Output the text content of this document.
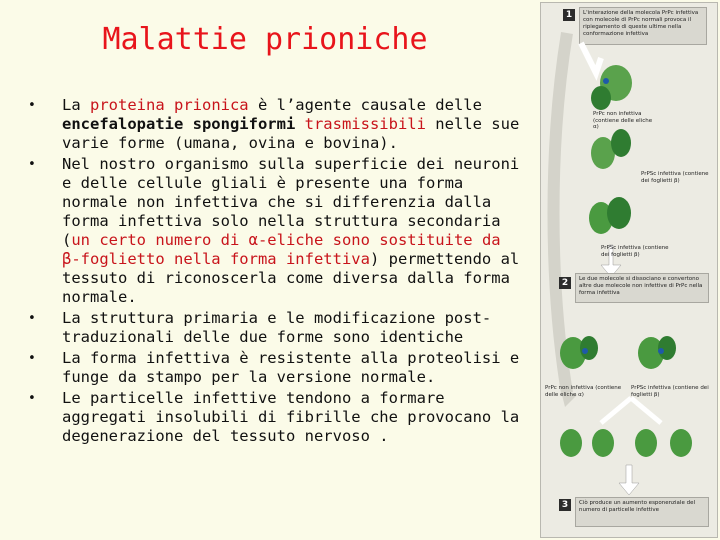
Malattie prioniche
• La proteina prionica è l’agente causale delle encefalopatie spongiformi trasmissibili nelle sue varie forme (umana, ovina e bovina).
• Nel nostro organismo sulla superficie dei neuroni e delle cellule gliali è presente una forma normale non infettiva che si differenzia dalla forma infettiva solo nella struttura secondaria (un certo numero di α-eliche sono sostituite da β-foglietto nella forma infettiva) permettendo al tessuto di riconoscerla come diversa dalla forma normale.
• La struttura primaria e le modificazione post-traduzionali delle due forme sono identiche
• La forma infettiva è resistente alla proteolisi e funge da stampo per la versione normale.
• Le particelle infettive tendono a formare aggregati insolubili di fibrille che provocano la degenerazione del tessuto nervoso .
1	L'interazione della molecola PrPc infettiva con molecole di PrPc normali provoca il ripiegamento di queste ultime nella conformazione infettiva
PrPc non infettiva (contiene delle eliche α)
PrPSc infettiva (contiene dei foglietti β)
PrPSc infettiva (contiene dei foglietti β)
2	Le due molecole si dissociano e convertono altre due molecole non infettive di PrPc nella forma infettiva
PrPc non infettiva (contiene delle eliche α)
PrPSc infettiva (contiene dei foglietti β)
3	Ciò produce un aumento esponenziale del numero di particelle infettive
